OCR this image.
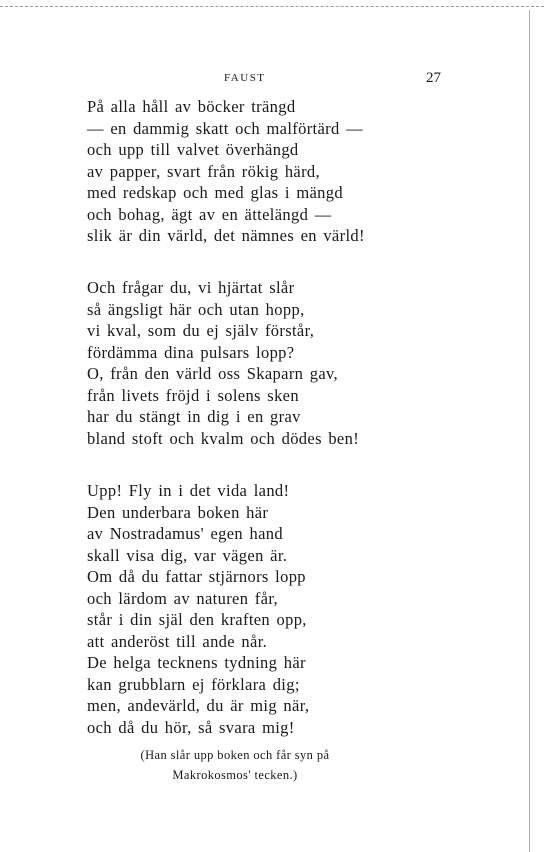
FAUST	27
På alla håll av böcker trängd
— en dammig skatt och malförtärd —
och upp till valvet överhängd
av papper, svart från rökig härd,
med redskap och med glas i mängd
och bohag, ägt av en ättelängd —
slik är din värld, det nämnes en värld!
Och frågar du, vi hjärtat slår
så ängsligt här och utan hopp,
vi kval, som du ej själv förstår,
fördämma dina pulsars lopp?
O, från den värld oss Skaparn gav,
från livets fröjd i solens sken
har du stängt in dig i en grav
bland stoft och kvalm och dödes ben!
Upp! Fly in i det vida land!
Den underbara boken här
av Nostradamus' egen hand
skall visa dig, var vägen är.
Om då du fattar stjärnors lopp
och lärdom av naturen får,
står i din själ den kraften opp,
att anderöst till ande når.
De helga tecknens tydning här
kan grubblarn ej förklara dig;
men, andevärld, du är mig när,
och då du hör, så svara mig!
(Han slår upp boken och får syn på
Makrokosmos' tecken.)
